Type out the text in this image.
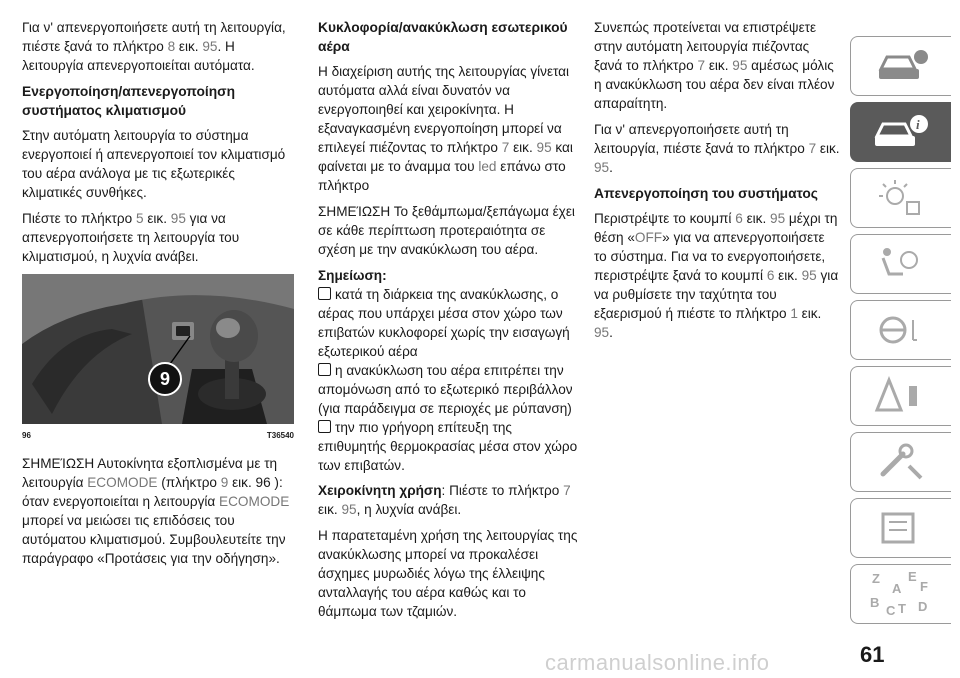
Για ν' απενεργοποιήσετε αυτή τη λειτουργία, πιέστε ξανά το πλήκτρο 8 εικ. 95. Η λειτουργία απενεργοποιείται αυτόματα.

Ενεργοποίηση/απενεργοποίηση συστήματος κλιματισμού

Στην αυτόματη λειτουργία το σύστημα ενεργοποιεί ή απενεργοποιεί τον κλιματισμό του αέρα ανάλογα με τις εξωτερικές κλιματικές συνθήκες.

Πιέστε το πλήκτρο 5 εικ. 95 για να απενεργοποιήσετε τη λειτουργία του κλιματισμού, η λυχνία ανάβει.

9
96	T36540

ΣΗΜΕΊΩΣΗ Αυτοκίνητα εξοπλισμένα με τη λειτουργία ECOMODE (πλήκτρο 9 εικ. 96 ): όταν ενεργοποιείται η λειτουργία ECOMODE μπορεί να μειώσει τις επιδόσεις του αυτόματου κλιματισμού. Συμβουλευτείτε την παράγραφο «Προτάσεις για την οδήγηση».

Κυκλοφορία/ανακύκλωση εσωτερικού αέρα

Η διαχείριση αυτής της λειτουργίας γίνεται αυτόματα αλλά είναι δυνατόν να ενεργοποιηθεί και χειροκίνητα. Η εξαναγκασμένη ενεργοποίηση μπορεί να επιλεγεί πιέζοντας το πλήκτρο 7 εικ. 95 και φαίνεται με το άναμμα του led επάνω στο πλήκτρο

ΣΗΜΕΊΩΣΗ Το ξεθάμπωμα/ξεπάγωμα έχει σε κάθε περίπτωση προτεραιότητα σε σχέση με την ανακύκλωση του αέρα.

Σημείωση:

κατά τη διάρκεια της ανακύκλωσης, ο αέρας που υπάρχει μέσα στον χώρο των επιβατών κυκλοφορεί χωρίς την εισαγωγή εξωτερικού αέρα
η ανακύκλωση του αέρα επιτρέπει την απομόνωση από το εξωτερικό περιβάλλον (για παράδειγμα σε περιοχές με ρύπανση)
την πιο γρήγορη επίτευξη της επιθυμητής θερμοκρασίας μέσα στον χώρο των επιβατών.

Χειροκίνητη χρήση: Πιέστε το πλήκτρο 7 εικ. 95, η λυχνία ανάβει.

Η παρατεταμένη χρήση της λειτουργίας της ανακύκλωσης μπορεί να προκαλέσει άσχημες μυρωδιές λόγω της έλλειψης ανταλλαγής του αέρα καθώς και το θάμπωμα των τζαμιών.

Συνεπώς προτείνεται να επιστρέψετε στην αυτόματη λειτουργία πιέζοντας ξανά το πλήκτρο 7 εικ. 95 αμέσως μόλις η ανακύκλωση του αέρα δεν είναι πλέον απαραίτητη.

Για ν' απενεργοποιήσετε αυτή τη λειτουργία, πιέστε ξανά το πλήκτρο 7 εικ. 95.

Απενεργοποίηση του συστήματος

Περιστρέψτε το κουμπί 6 εικ. 95 μέχρι τη θέση «OFF» για να απενεργοποιήσετε το σύστημα. Για να το ενεργοποιήσετε, περιστρέψτε ξανά το κουμπί 6 εικ. 95 για να ρυθμίσετε την ταχύτητα του εξαερισμού ή πιέστε το πλήκτρο 1 εικ. 95.

i
Z E
F
A
B
C T D
61
carmanualsonline.info
